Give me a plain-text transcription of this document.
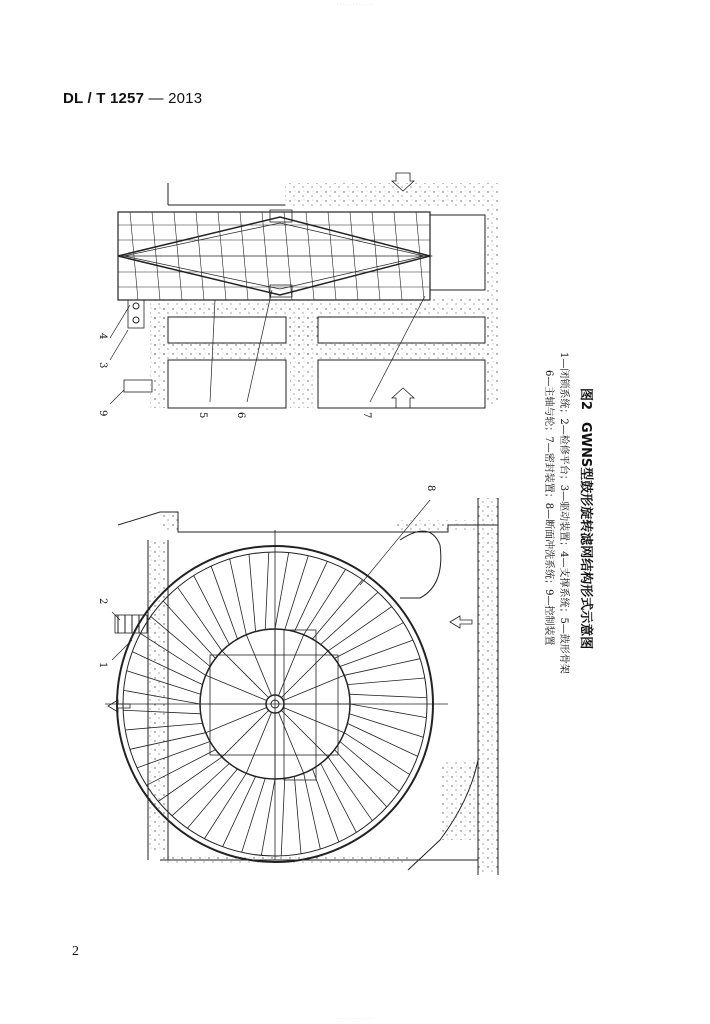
· · · · · · · · · · · ·
DL / T 1257 — 2013
1
2
8
9
3
4
5	6	7	1—闭锁系统；2—检修平台；3—驱动装置；4—支撑系统；5—鼓形骨架
6—主轴与轮；7—密封装置；8—断面冲洗系统；9—控制装置	图2GWNS型鼓形旋转滤网结构形式示意图
2
· · · · · · · · · · · ·
